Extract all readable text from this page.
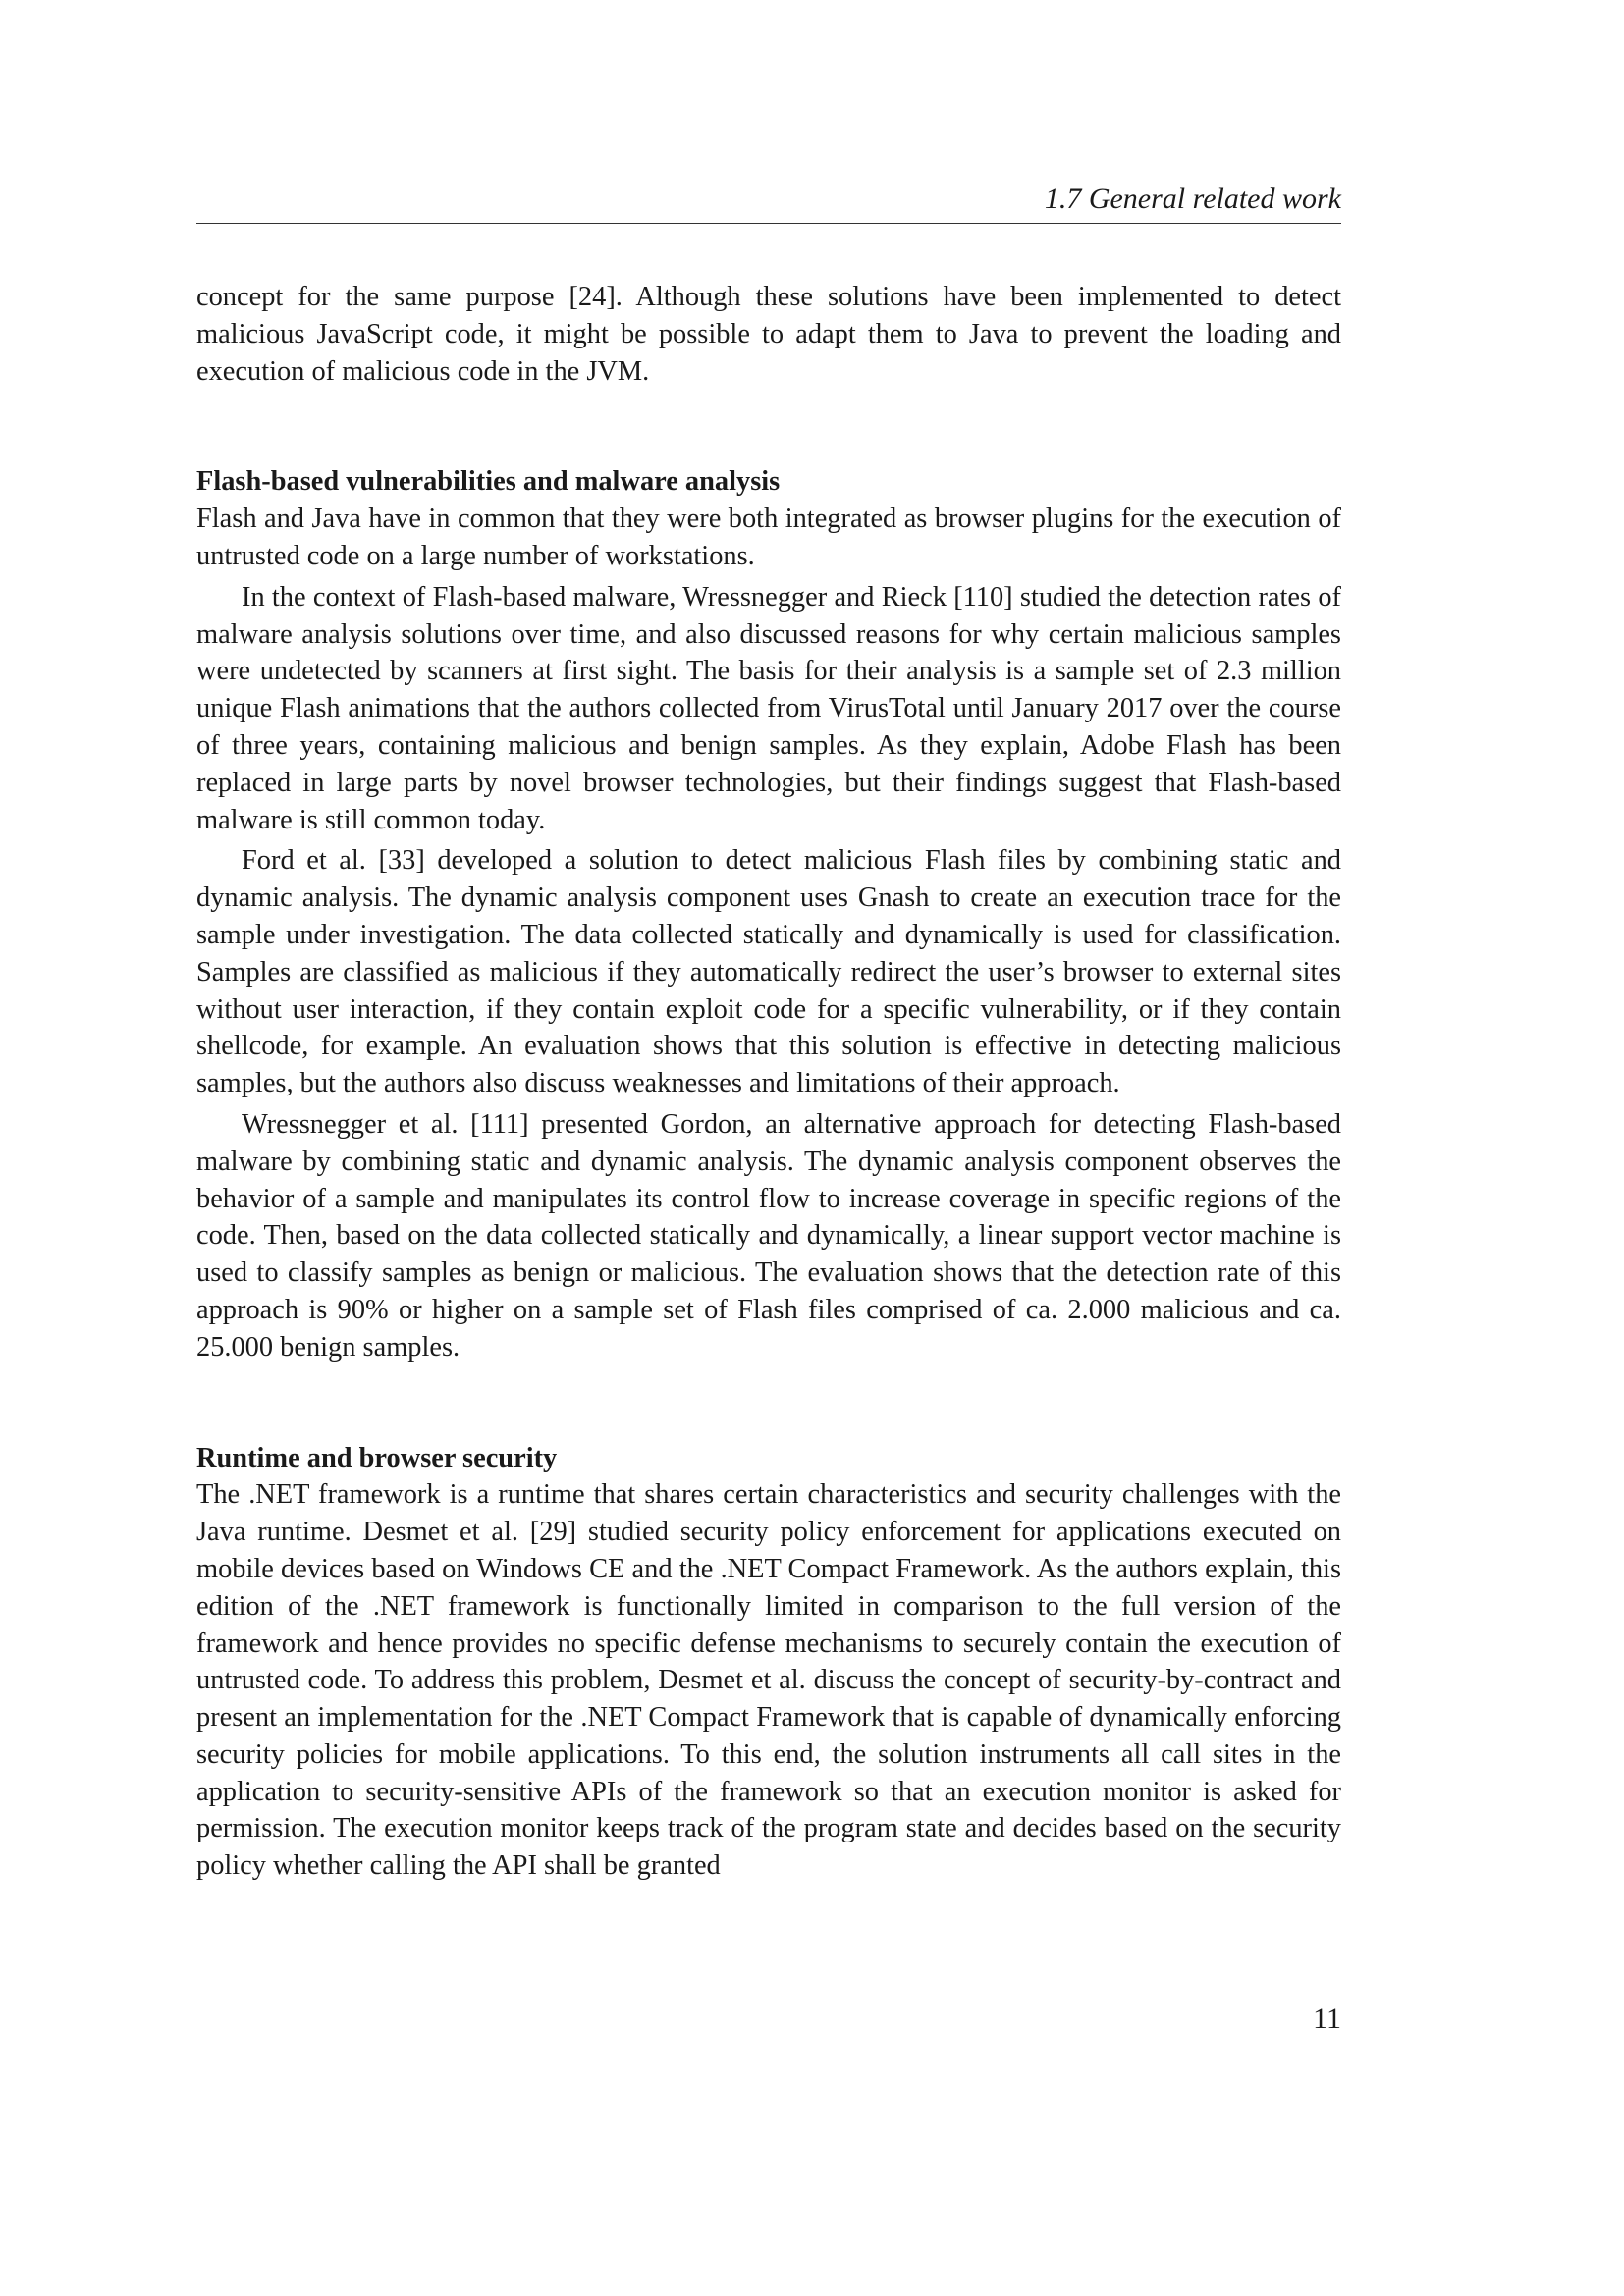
1.7 General related work

concept for the same purpose [24]. Although these solutions have been implemented to detect malicious JavaScript code, it might be possible to adapt them to Java to prevent the loading and execution of malicious code in the JVM.

Flash-based vulnerabilities and malware analysis

Flash and Java have in common that they were both integrated as browser plugins for the execution of untrusted code on a large number of workstations.

In the context of Flash-based malware, Wressnegger and Rieck [110] studied the detection rates of malware analysis solutions over time, and also discussed reasons for why certain malicious samples were undetected by scanners at first sight. The basis for their analysis is a sample set of 2.3 million unique Flash animations that the authors collected from VirusTotal until January 2017 over the course of three years, containing malicious and benign samples. As they explain, Adobe Flash has been replaced in large parts by novel browser technologies, but their findings suggest that Flash-based malware is still common today.

Ford et al. [33] developed a solution to detect malicious Flash files by combining static and dynamic analysis. The dynamic analysis component uses Gnash to create an execution trace for the sample under investigation. The data collected statically and dynamically is used for classification. Samples are classified as malicious if they automatically redirect the user’s browser to external sites without user interaction, if they contain exploit code for a specific vulnerability, or if they contain shellcode, for example. An evaluation shows that this solution is effective in detecting malicious samples, but the authors also discuss weaknesses and limitations of their approach.

Wressnegger et al. [111] presented Gordon, an alternative approach for detecting Flash-based malware by combining static and dynamic analysis. The dynamic analysis component observes the behavior of a sample and manipulates its control flow to increase coverage in specific regions of the code. Then, based on the data collected statically and dynamically, a linear support vector machine is used to classify samples as benign or malicious. The evaluation shows that the detection rate of this approach is 90% or higher on a sample set of Flash files comprised of ca. 2.000 malicious and ca. 25.000 benign samples.

Runtime and browser security

The .NET framework is a runtime that shares certain characteristics and security challenges with the Java runtime. Desmet et al. [29] studied security policy enforcement for applications executed on mobile devices based on Windows CE and the .NET Compact Framework. As the authors explain, this edition of the .NET framework is functionally limited in comparison to the full version of the framework and hence provides no specific defense mechanisms to securely contain the execution of untrusted code. To address this problem, Desmet et al. discuss the concept of security-by-contract and present an implementation for the .NET Compact Framework that is capable of dynamically enforcing security policies for mobile applications. To this end, the solution instruments all call sites in the application to security-sensitive APIs of the framework so that an execution monitor is asked for permission. The execution monitor keeps track of the program state and decides based on the security policy whether calling the API shall be granted

11
